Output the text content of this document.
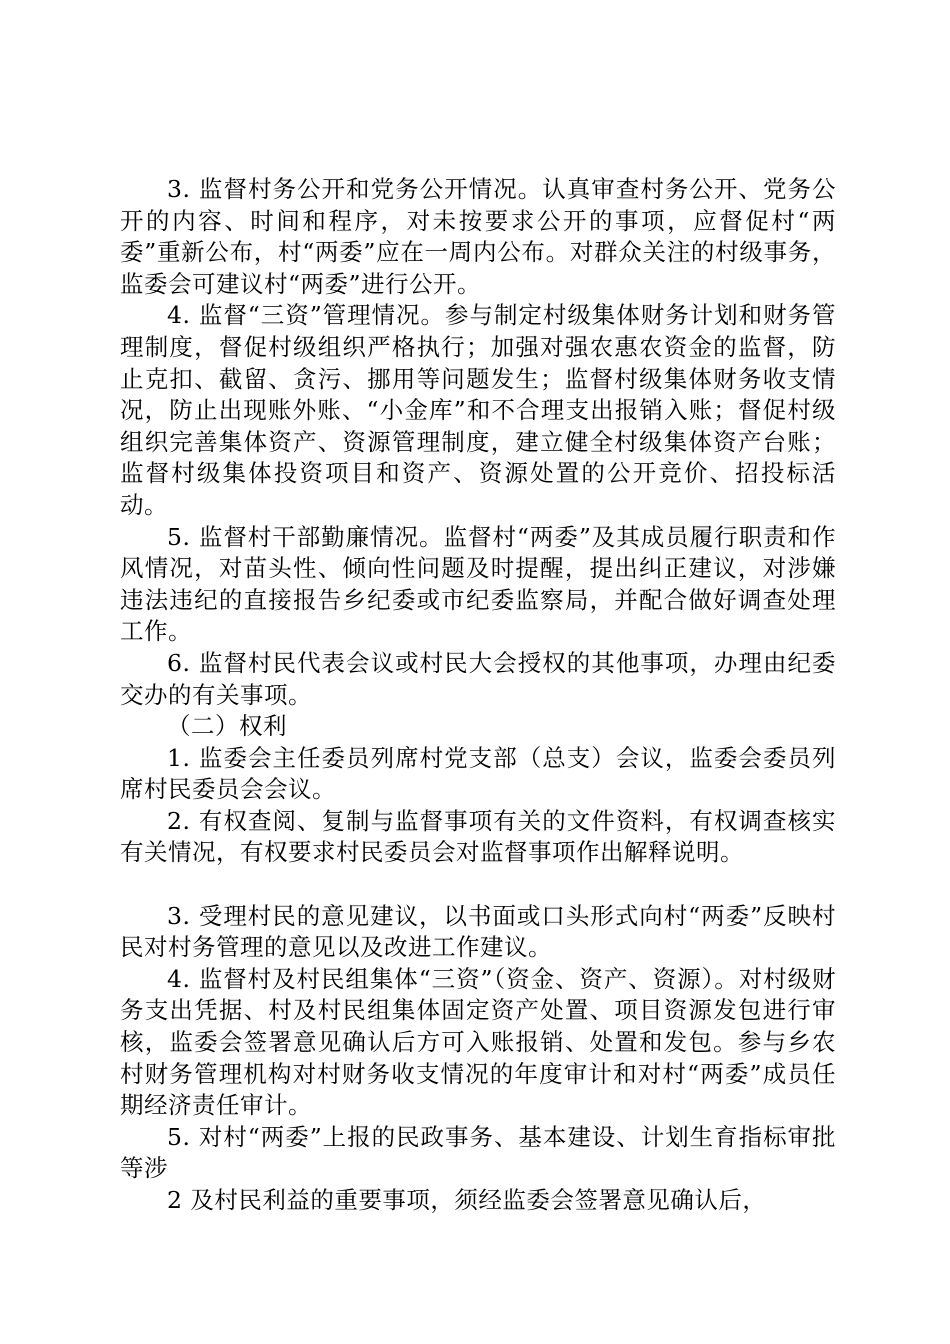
3. 监督村务公开和党务公开情况。认真审查村务公开、党务公开的内容、时间和程序，对未按要求公开的事项，应督促村“两委”重新公布，村“两委”应在一周内公布。对群众关注的村级事务，监委会可建议村“两委”进行公开。

4. 监督“三资”管理情况。参与制定村级集体财务计划和财务管理制度，督促村级组织严格执行；加强对强农惠农资金的监督，防止克扣、截留、贪污、挪用等问题发生；监督村级集体财务收支情况，防止出现账外账、“小金库”和不合理支出报销入账；督促村级组织完善集体资产、资源管理制度，建立健全村级集体资产台账；监督村级集体投资项目和资产、资源处置的公开竞价、招投标活动。

5. 监督村干部勤廉情况。监督村“两委”及其成员履行职责和作风情况，对苗头性、倾向性问题及时提醒，提出纠正建议，对涉嫌违法违纪的直接报告乡纪委或市纪委监察局，并配合做好调查处理工作。

6. 监督村民代表会议或村民大会授权的其他事项，办理由纪委交办的有关事项。

（二）权利

1. 监委会主任委员列席村党支部（总支）会议，监委会委员列席村民委员会会议。

2. 有权查阅、复制与监督事项有关的文件资料，有权调查核实有关情况，有权要求村民委员会对监督事项作出解释说明。

3. 受理村民的意见建议，以书面或口头形式向村“两委”反映村民对村务管理的意见以及改进工作建议。

4. 监督村及村民组集体“三资”（资金、资产、资源）。对村级财务支出凭据、村及村民组集体固定资产处置、项目资源发包进行审核，监委会签署意见确认后方可入账报销、处置和发包。参与乡农村财务管理机构对村财务收支情况的年度审计和对村“两委”成员任期经济责任审计。

5. 对村“两委”上报的民政事务、基本建设、计划生育指标审批等涉

2 及村民利益的重要事项，须经监委会签署意见确认后，
